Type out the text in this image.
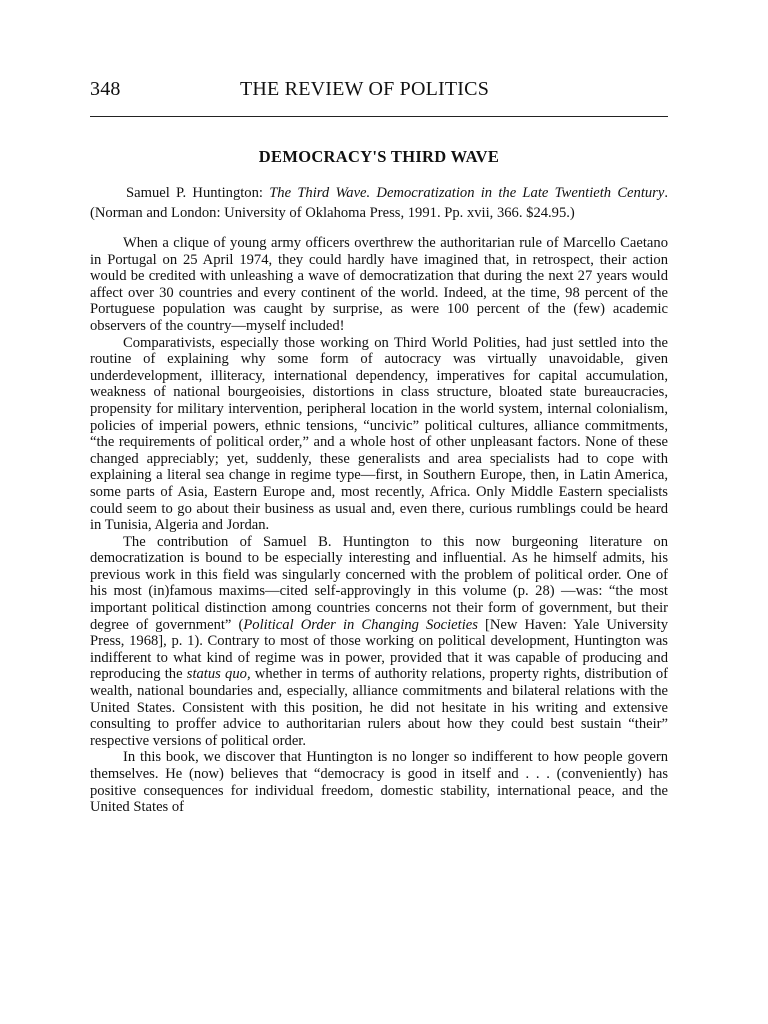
348	THE REVIEW OF POLITICS
DEMOCRACY'S THIRD WAVE
Samuel P. Huntington: The Third Wave. Democratization in the Late Twentieth Century. (Norman and London: University of Oklahoma Press, 1991. Pp. xvii, 366. $24.95.)

When a clique of young army officers overthrew the authoritarian rule of Marcello Caetano in Portugal on 25 April 1974, they could hardly have imagined that, in retrospect, their action would be credited with unleashing a wave of democratization that during the next 27 years would affect over 30 countries and every continent of the world. Indeed, at the time, 98 percent of the Portuguese population was caught by surprise, as were 100 percent of the (few) academic observers of the country—myself included!

Comparativists, especially those working on Third World Polities, had just settled into the routine of explaining why some form of autocracy was virtually unavoidable, given underdevelopment, illiteracy, international dependency, imperatives for capital accumulation, weakness of national bourgeoisies, distortions in class structure, bloated state bureaucracies, propensity for military intervention, peripheral location in the world system, internal colonialism, policies of imperial powers, ethnic tensions, “uncivic” political cultures, alliance commitments, “the requirements of political order,” and a whole host of other unpleasant factors. None of these changed appreciably; yet, suddenly, these generalists and area specialists had to cope with explaining a literal sea change in regime type—first, in Southern Europe, then, in Latin America, some parts of Asia, Eastern Europe and, most recently, Africa. Only Middle Eastern specialists could seem to go about their business as usual and, even there, curious rumblings could be heard in Tunisia, Algeria and Jordan.

The contribution of Samuel B. Huntington to this now burgeoning literature on democratization is bound to be especially interesting and influential. As he himself admits, his previous work in this field was singularly concerned with the problem of political order. One of his most (in)famous maxims—cited self-approvingly in this volume (p. 28) —was: “the most important political distinction among countries concerns not their form of government, but their degree of government” (Political Order in Changing Societies [New Haven: Yale University Press, 1968], p. 1). Contrary to most of those working on political development, Huntington was indifferent to what kind of regime was in power, provided that it was capable of producing and reproducing the status quo, whether in terms of authority relations, property rights, distribution of wealth, national boundaries and, especially, alliance commitments and bilateral relations with the United States. Consistent with this position, he did not hesitate in his writing and extensive consulting to proffer advice to authoritarian rulers about how they could best sustain “their” respective versions of political order.

In this book, we discover that Huntington is no longer so indifferent to how people govern themselves. He (now) believes that “democracy is good in itself and . . . (conveniently) has positive consequences for individual freedom, domestic stability, international peace, and the United States of
